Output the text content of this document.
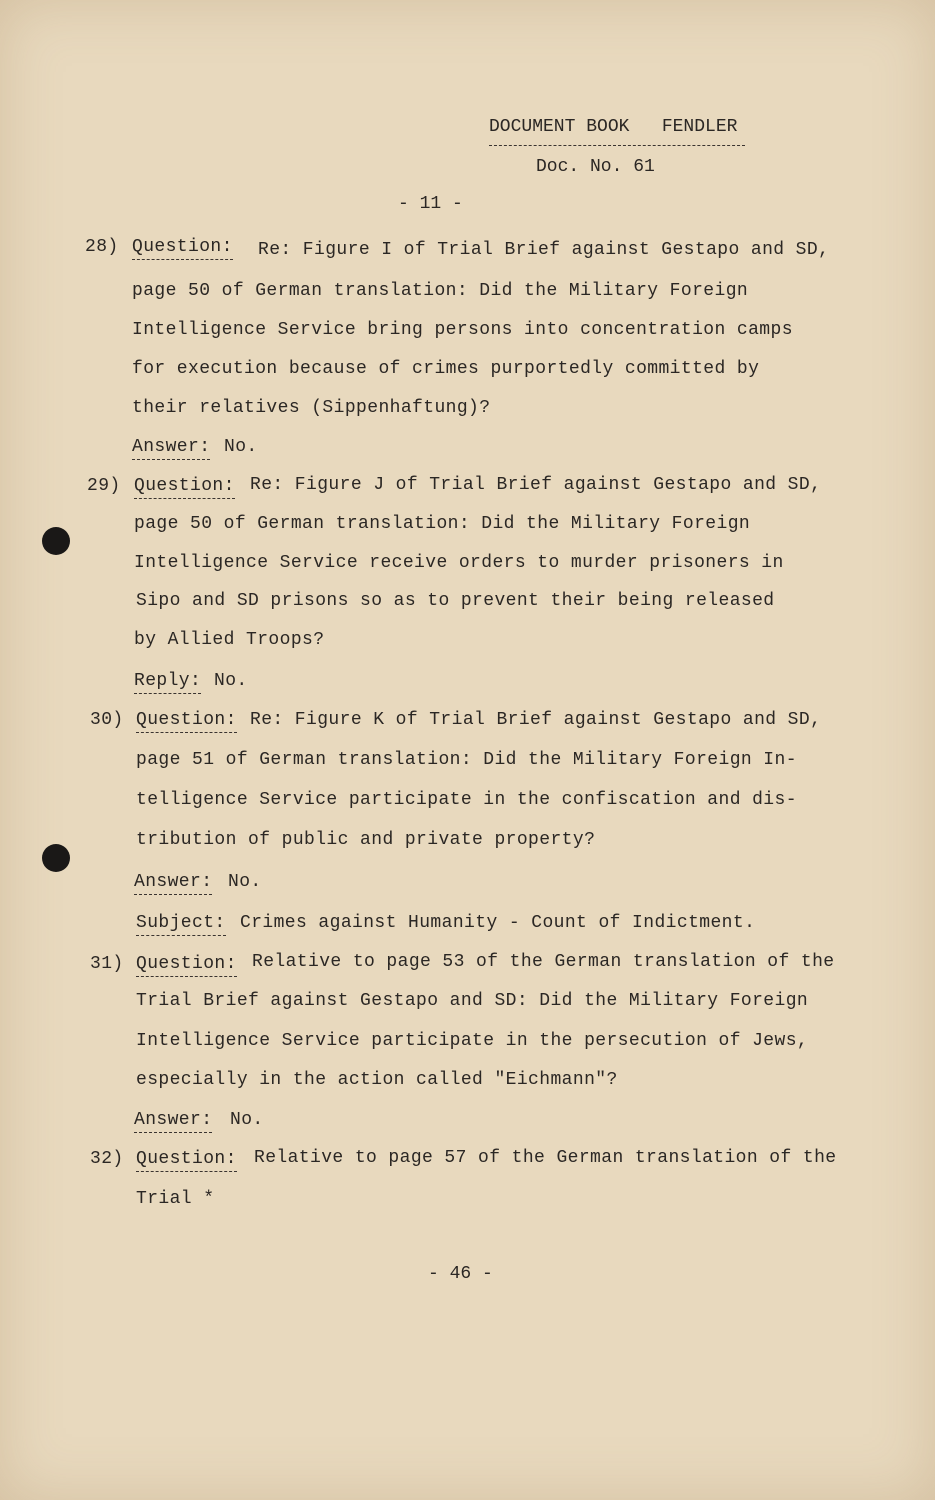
DOCUMENT BOOK   FENDLER
Doc. No. 61
- 11 -
28) Question: Re: Figure I of Trial Brief against Gestapo and SD,
page 50 of German translation: Did the Military Foreign
Intelligence Service bring persons into concentration camps
for execution because of crimes purportedly committed by
their relatives (Sippenhaftung)?
Answer: No.
29) Question: Re: Figure J of Trial Brief against Gestapo and SD,
page 50 of German translation: Did the Military Foreign
Intelligence Service receive orders to murder prisoners in
Sipo and SD prisons so as to prevent their being released
by Allied Troops?
Reply: No.
30) Question: Re: Figure K of Trial Brief against Gestapo and SD,
page 51 of German translation: Did the Military Foreign In-
telligence Service participate in the confiscation and dis-
tribution of public and private property?
Answer: No.
Subject: Crimes against Humanity - Count of Indictment.
31) Question: Relative to page 53 of the German translation of the
Trial Brief against Gestapo and SD: Did the Military Foreign
Intelligence Service participate in the persecution of Jews,
especially in the action called "Eichmann"?
Answer: No.
32) Question: Relative to page 57 of the German translation of the
Trial *
- 46 -
